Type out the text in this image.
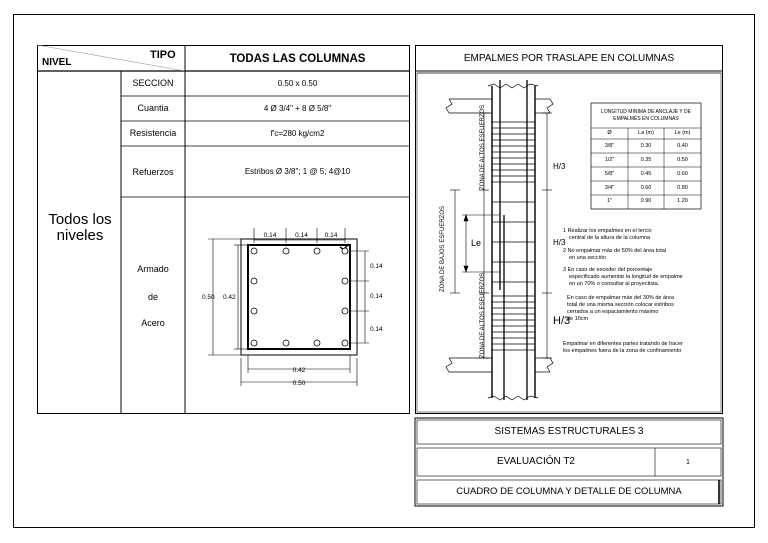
NIVEL
TIPO	TODAS LAS COLUMNAS
Todos los niveles
SECCION	0.50 x 0.50
Cuantia	4 Ø 3/4" + 8 Ø 5/8"
Resistencia	f'c=280 kg/cm2
Refuerzos	Estribos Ø 3/8"; 1 @ 5; 4@10
Armado
de
Acero
0.14	0.14	0.14
0.14
0.14
0.14
0.50 0.42
0.42
0.50
EMPALMES POR TRASLAPE EN COLUMNAS
ZONA DE ALTOS ESFUERZOS
ZONA DE BAJOS ESFUERZOS
ZONA DE ALTOS ESFUERZOS
Le
H/3
H/3
H/3
LONGITUD MINIMA DE ANCLAJE Y DE EMPALMES EN COLUMNAS
Ø	La (m)	Le (m)
3/8"	0.30	0.40
1/2"	0.35	0.50
5/8"	0.45	0.60
3/4"	0.60	0.80
1"	0.90	1.20
1 Realizar los empalmes en el tercio
central de la altura de la columna
2 No empalmar más de 50% del área total
en una sección
3 En caso de exceder del porcentaje
especificado aumentar la longitud de empalme
en un 70% o consultar al proyectista.
En caso de empalmar más del 30% de área
total de una misma sección colocar estribos
cerrados a un espaciamiento máximo
de 10cm
Empalmar en diferentes partes tratando de hacer
los empalmes fuera de la zona de confinamiento
SISTEMAS ESTRUCTURALES 3
EVALUACIÓN T2	1
CUADRO DE COLUMNA Y DETALLE DE COLUMNA
